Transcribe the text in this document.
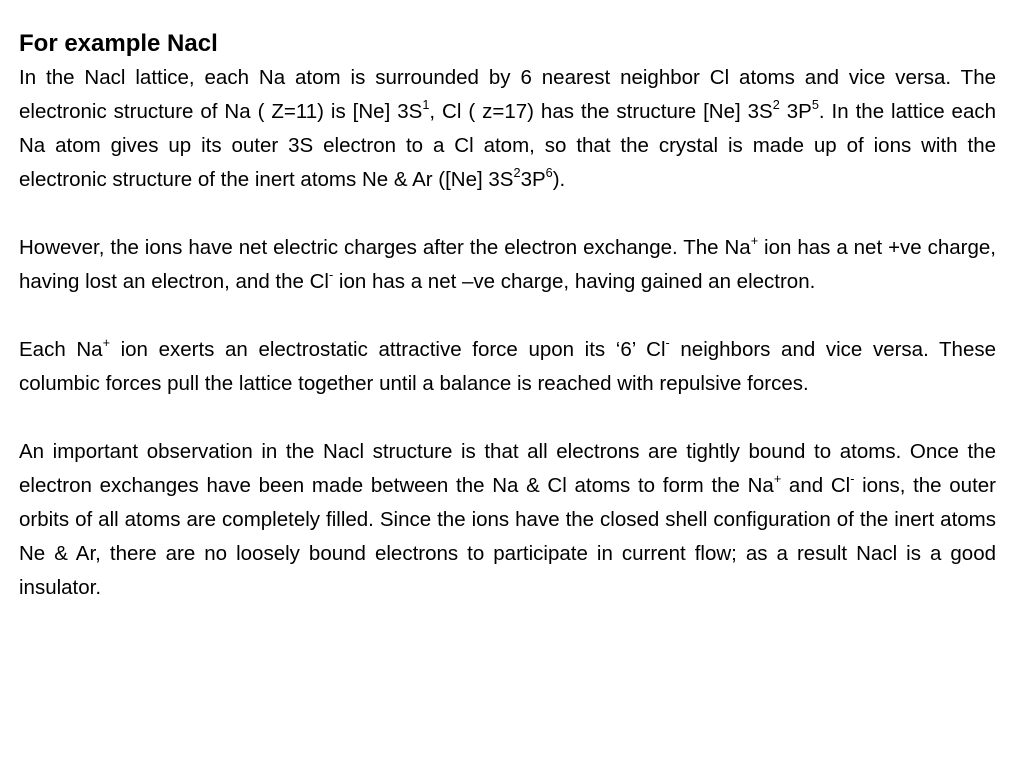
For example Nacl

In the Nacl lattice, each Na atom is surrounded by 6 nearest neighbor Cl atoms and vice versa. The electronic structure of Na ( Z=11) is [Ne] $3S^1$, Cl ( z=17) has the structure [Ne] $3S^2$ $3P^5$. In the lattice each Na atom gives up its outer 3S electron to a Cl atom, so that the crystal is made up of ions with the electronic structure of the inert atoms Ne & Ar ([Ne] $3S^23P^6$).

However, the ions have net electric charges after the electron exchange. The Na+ ion has a net +ve charge, having lost an electron, and the Cl- ion has a net –ve charge, having gained an electron.

Each Na+ ion exerts an electrostatic attractive force upon its ‘6’ Cl- neighbors and vice versa. These columbic forces pull the lattice together until a balance is reached with repulsive forces.

An important observation in the Nacl structure is that all electrons are tightly bound to atoms. Once the electron exchanges have been made between the Na & Cl atoms to form the Na+ and Cl- ions, the outer orbits of all atoms are completely filled. Since the ions have the closed shell configuration of the inert atoms Ne & Ar, there are no loosely bound electrons to participate in current flow; as a result Nacl is a good insulator.
